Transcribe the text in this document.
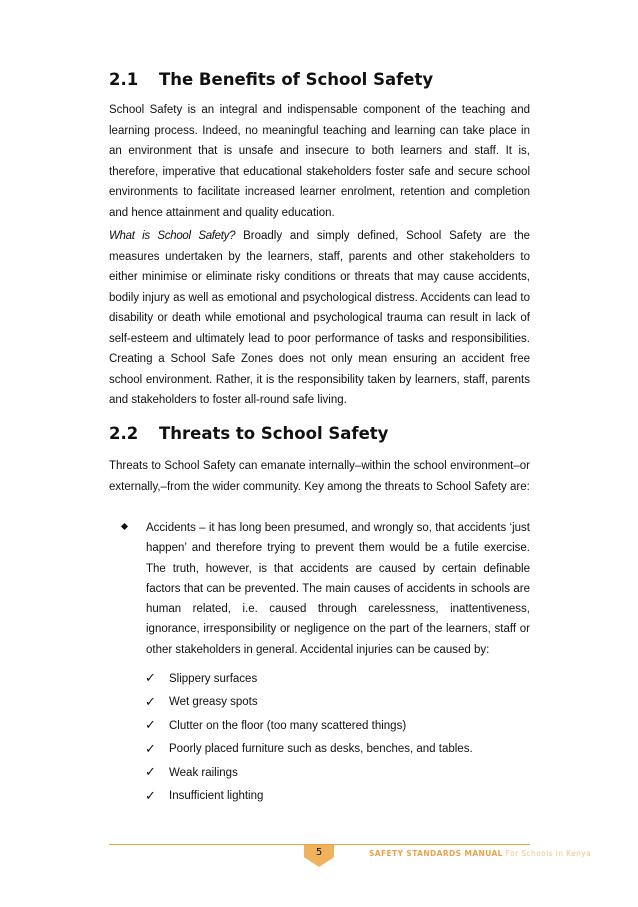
2.1 The Benefits of School Safety

School Safety is an integral and indispensable component of the teaching and learning process. Indeed, no meaningful teaching and learning can take place in an environment that is unsafe and insecure to both learners and staff. It is, therefore, imperative that educational stakeholders foster safe and secure school environments to facilitate increased learner enrolment, retention and completion and hence attainment and quality education.

What is School Safety? Broadly and simply defined, School Safety are the measures undertaken by the learners, staff, parents and other stakeholders to either minimise or eliminate risky conditions or threats that may cause accidents, bodily injury as well as emotional and psychological distress. Accidents can lead to disability or death while emotional and psychological trauma can result in lack of self-esteem and ultimately lead to poor performance of tasks and responsibilities. Creating a School Safe Zones does not only mean ensuring an accident free school environment. Rather, it is the responsibility taken by learners, staff, parents and stakeholders to foster all-round safe living.

2.2 Threats to School Safety

Threats to School Safety can emanate internally–within the school environment–or externally,–from the wider community. Key among the threats to School Safety are:

Accidents – it has long been presumed, and wrongly so, that accidents ‘just happen’ and therefore trying to prevent them would be a futile exercise. The truth, however, is that accidents are caused by certain definable factors that can be prevented. The main causes of accidents in schools are human related, i.e. caused through carelessness, inattentiveness, ignorance, irresponsibility or negligence on the part of the learners, staff or other stakeholders in general. Accidental injuries can be caused by:

✓	Slippery surfaces
✓	Wet greasy spots
✓	Clutter on the floor (too many scattered things)
✓	Poorly placed furniture such as desks, benches, and tables.
✓	Weak railings
✓	Insufficient lighting
5	SAFETY STANDARDS MANUAL For Schools in Kenya
